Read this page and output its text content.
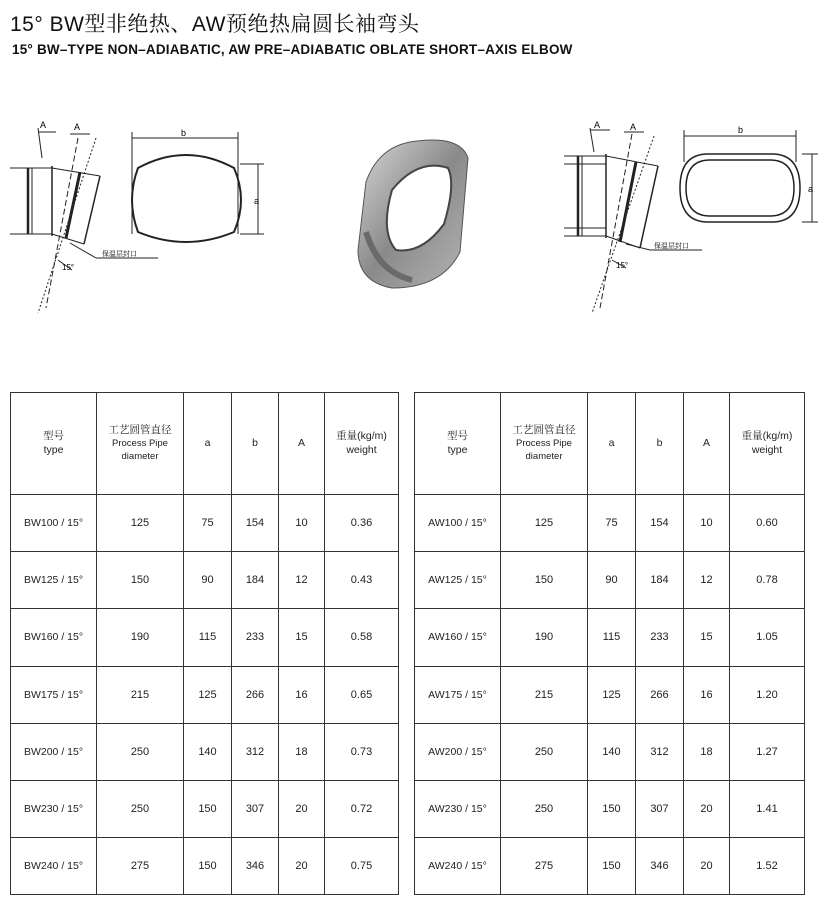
15° BW型非绝热、AW预绝热扁圆长袖弯头
15° BW–TYPE NON–ADIABATIC, AW PRE–ADIABATIC OBLATE SHORT–AXIS ELBOW
A	A
15°
保温层封口
b
a
A	A
15°
保温层封口
b
a
型号
type	工艺圆管直径
Process Pipe
diameter	a	b	A	重量(kg/m)
weight
BW100 / 15°	125	75	154	10	0.36
BW125 / 15°	150	90	184	12	0.43
BW160 / 15°	190	115	233	15	0.58
BW175 / 15°	215	125	266	16	0.65
BW200 / 15°	250	140	312	18	0.73
BW230 / 15°	250	150	307	20	0.72
BW240 / 15°	275	150	346	20	0.75
型号
type	工艺圆管直径
Process Pipe
diameter	a	b	A	重量(kg/m)
weight
AW100 / 15°	125	75	154	10	0.60
AW125 / 15°	150	90	184	12	0.78
AW160 / 15°	190	115	233	15	1.05
AW175 / 15°	215	125	266	16	1.20
AW200 / 15°	250	140	312	18	1.27
AW230 / 15°	250	150	307	20	1.41
AW240 / 15°	275	150	346	20	1.52
